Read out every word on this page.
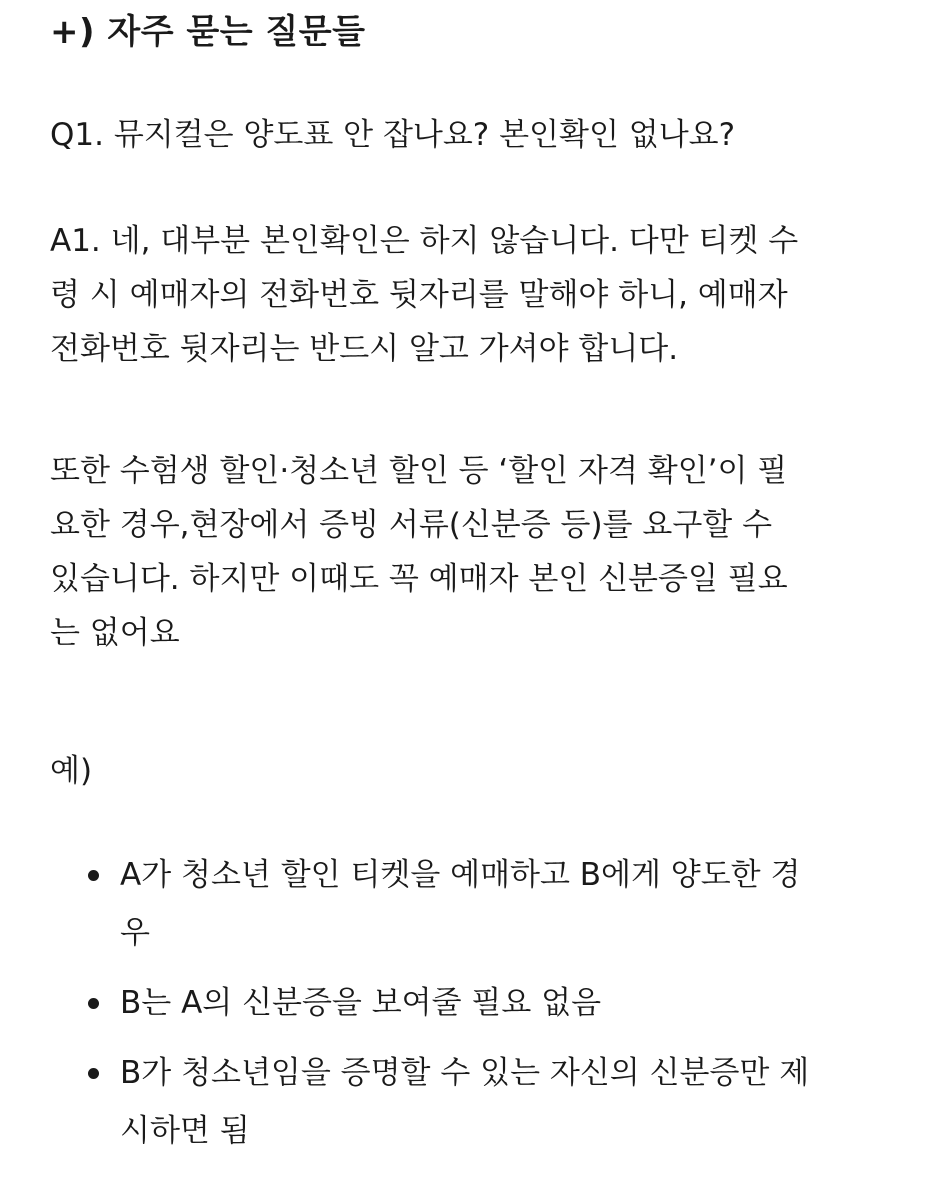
+) 자주 묻는 질문들

Q1. 뮤지컬은 양도표 안 잡나요? 본인확인 없나요?

A1. 네, 대부분 본인확인은 하지 않습니다. 다만 티켓 수
령 시 예매자의 전화번호 뒷자리를 말해야 하니, 예매자
전화번호 뒷자리는 반드시 알고 가셔야 합니다.

또한 수험생 할인·청소년 할인 등 ‘할인 자격 확인’이 필
요한 경우,현장에서 증빙 서류(신분증 등)를 요구할 수
있습니다. 하지만 이때도 꼭 예매자 본인 신분증일 필요
는 없어요

예)

A가 청소년 할인 티켓을 예매하고 B에게 양도한 경
우
B는 A의 신분증을 보여줄 필요 없음
B가 청소년임을 증명할 수 있는 자신의 신분증만 제
시하면 됨
